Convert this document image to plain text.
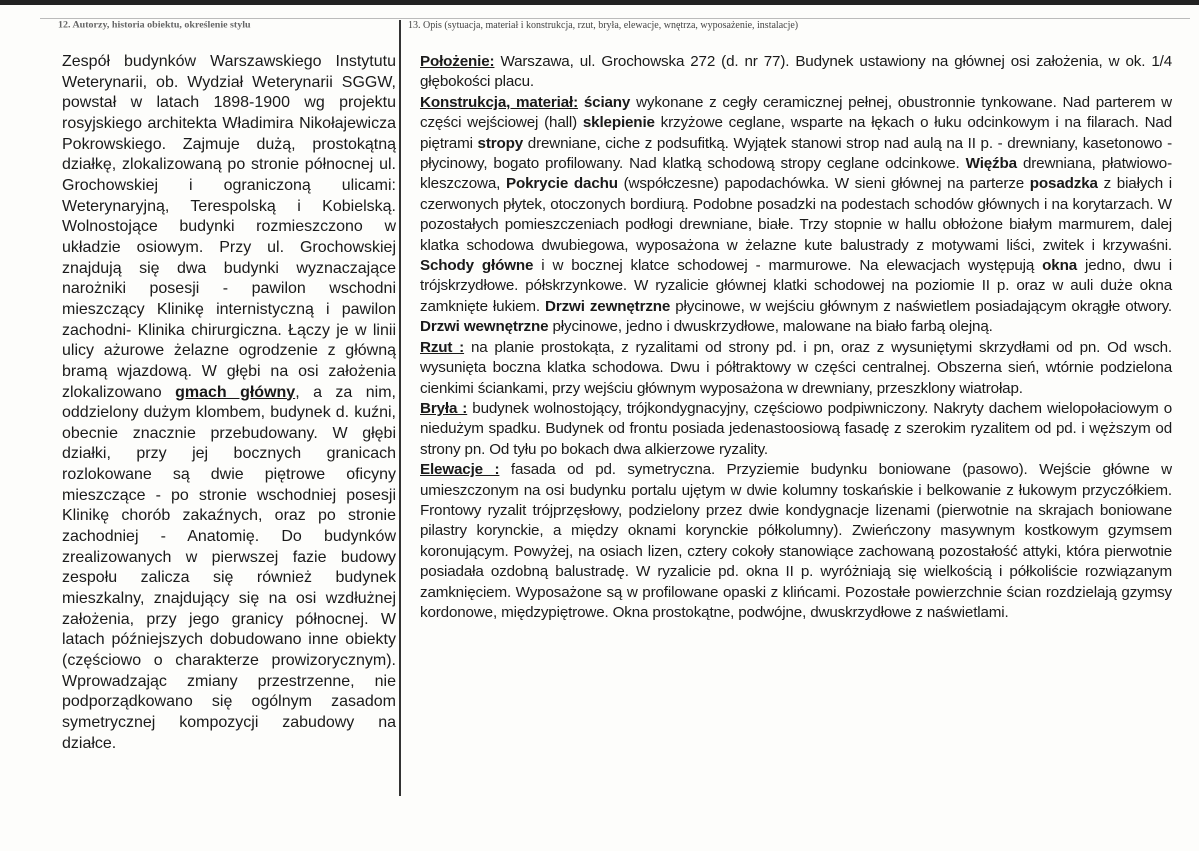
12. Autorzy, historia obiektu, określenie stylu	13. Opis (sytuacja, materiał i konstrukcja, rzut, bryła, elewacje, wnętrza, wyposażenie, instalacje)

Zespół budynków Warszawskiego Instytutu Weterynarii, ob. Wydział Weterynarii SGGW, powstał w latach 1898-1900 wg projektu rosyjskiego architekta Władimira Nikołajewicza Pokrowskiego. Zajmuje dużą, prostokątną działkę, zlokalizowaną po stronie północnej ul. Grochowskiej i ograniczoną ulicami: Weterynaryjną, Terespolską i Kobielską. Wolnostojące budynki rozmieszczono w układzie osiowym. Przy ul. Grochowskiej znajdują się dwa budynki wyznaczające narożniki posesji - pawilon wschodni mieszczący Klinikę internistyczną i pawilon zachodni- Klinika chirurgiczna. Łączy je w linii ulicy ażurowe żelazne ogrodzenie z główną bramą wjazdową. W głębi na osi założenia zlokalizowano gmach główny, a za nim, oddzielony dużym klombem, budynek d. kuźni, obecnie znacznie przebudowany. W głębi działki, przy jej bocznych granicach rozlokowane są dwie piętrowe oficyny mieszczące - po stronie wschodniej posesji Klinikę chorób zakaźnych, oraz po stronie zachodniej - Anatomię. Do budynków zrealizowanych w pierwszej fazie budowy zespołu zalicza się również budynek mieszkalny, znajdujący się na osi wzdłużnej założenia, przy jego granicy północnej. W latach późniejszych dobudowano inne obiekty (częściowo o charakterze prowizorycznym). Wprowadzając zmiany przestrzenne, nie podporządkowano się ogólnym zasadom symetrycznej kompozycji zabudowy na działce.

Położenie: Warszawa, ul. Grochowska 272 (d. nr 77). Budynek ustawiony na głównej osi założenia, w ok. 1/4 głębokości placu.

Konstrukcja, materiał: ściany wykonane z cegły ceramicznej pełnej, obustronnie tynkowane. Nad parterem w części wejściowej (hall) sklepienie krzyżowe ceglane, wsparte na łękach o łuku odcinkowym i na filarach. Nad piętrami stropy drewniane, ciche z podsufitką. Wyjątek stanowi strop nad aulą na II p. - drewniany, kasetonowo - płycinowy, bogato profilowany. Nad klatką schodową stropy ceglane odcinkowe. Więźba drewniana, płatwiowo-kleszczowa, Pokrycie dachu (współczesne) papodachówka. W sieni głównej na parterze posadzka z białych i czerwonych płytek, otoczonych bordiurą. Podobne posadzki na podestach schodów głównych i na korytarzach. W pozostałych pomieszczeniach podłogi drewniane, białe. Trzy stopnie w hallu obłożone białym marmurem, dalej klatka schodowa dwubiegowa, wyposażona w żelazne kute balustrady z motywami liści, zwitek i krzywaśni. Schody główne i w bocznej klatce schodowej - marmurowe. Na elewacjach występują okna jedno, dwu i trójskrzydłowe. półskrzynkowe. W ryzalicie głównej klatki schodowej na poziomie II p. oraz w auli duże okna zamknięte łukiem. Drzwi zewnętrzne płycinowe, w wejściu głównym z naświetlem posiadającym okrągłe otwory. Drzwi wewnętrzne płycinowe, jedno i dwuskrzydłowe, malowane na biało farbą olejną.

Rzut : na planie prostokąta, z ryzalitami od strony pd. i pn, oraz z wysuniętymi skrzydłami od pn. Od wsch. wysunięta boczna klatka schodowa. Dwu i półtraktowy w części centralnej. Obszerna sień, wtórnie podzielona cienkimi ściankami, przy wejściu głównym wyposażona w drewniany, przeszklony wiatrołap.

Bryła : budynek wolnostojący, trójkondygnacyjny, częściowo podpiwniczony. Nakryty dachem wielopołaciowym o niedużym spadku. Budynek od frontu posiada jedenastoosiową fasadę z szerokim ryzalitem od pd. i węższym od strony pn. Od tyłu po bokach dwa alkierzowe ryzality.

Elewacje : fasada od pd. symetryczna. Przyziemie budynku boniowane (pasowo). Wejście główne w umieszczonym na osi budynku portalu ujętym w dwie kolumny toskańskie i belkowanie z łukowym przyczółkiem. Frontowy ryzalit trójprzęsłowy, podzielony przez dwie kondygnacje lizenami (pierwotnie na skrajach boniowane pilastry korynckie, a między oknami korynckie półkolumny). Zwieńczony masywnym kostkowym gzymsem koronującym. Powyżej, na osiach lizen, cztery cokoły stanowiące zachowaną pozostałość attyki, która pierwotnie posiadała ozdobną balustradę. W ryzalicie pd. okna II p. wyróżniają się wielkością i półkoliście rozwiązanym zamknięciem. Wyposażone są w profilowane opaski z klińcami. Pozostałe powierzchnie ścian rozdzielają gzymsy kordonowe, międzypiętrowe. Okna prostokątne, podwójne, dwuskrzydłowe z naświetlami.
